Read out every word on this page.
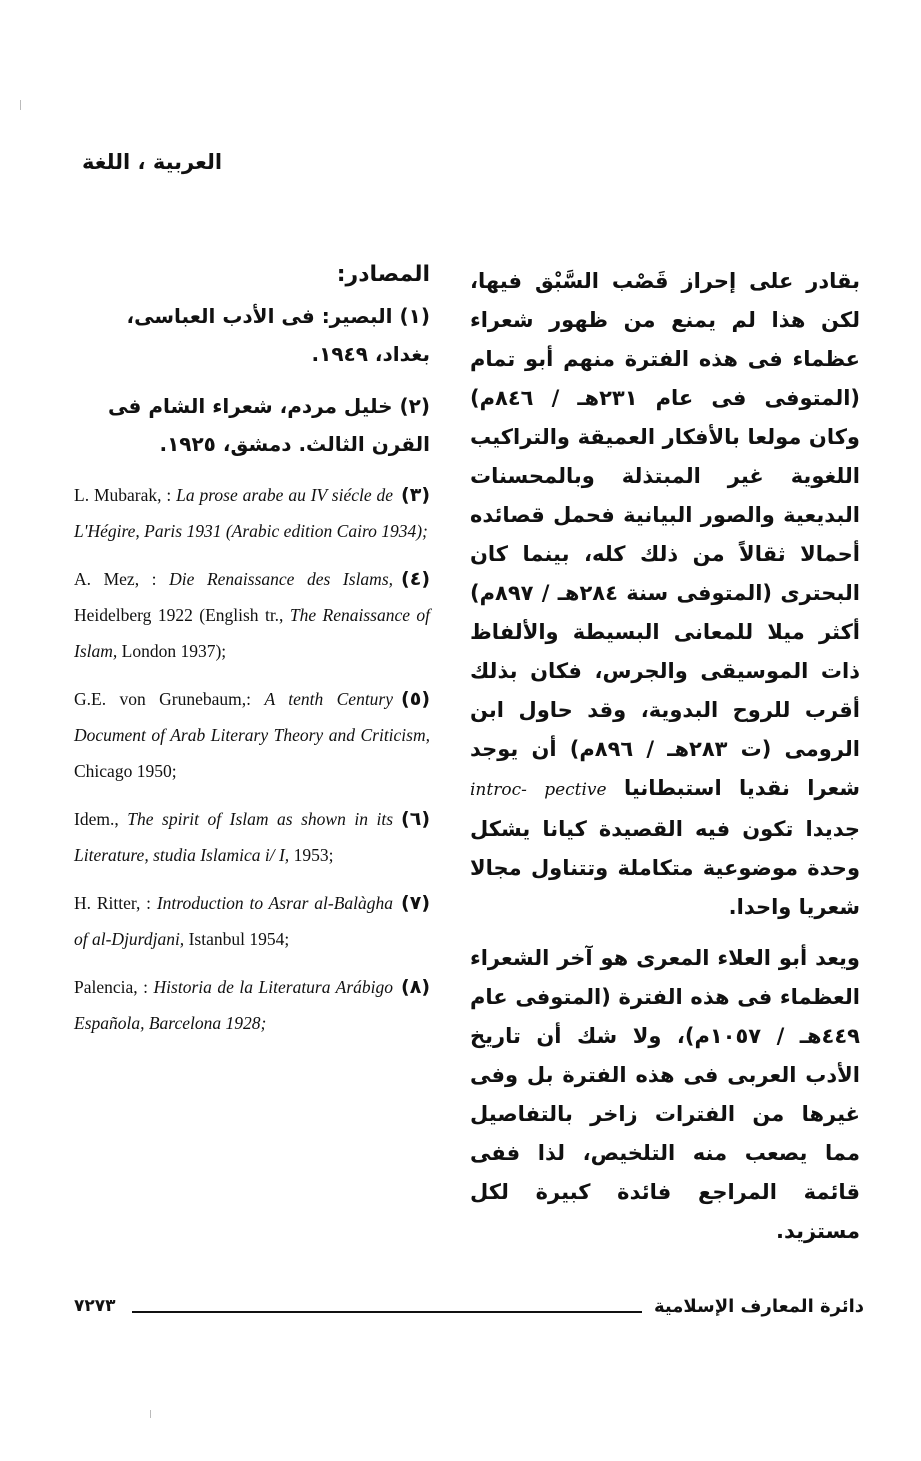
العربية ، اللغة

بقادر على إحراز قَصْب السَّبْق فيها، لكن هذا لم يمنع من ظهور شعراء عظماء فى هذه الفترة منهم أبو تمام (المتوفى فى عام ٢٣١هـ / ٨٤٦م) وكان مولعا بالأفكار العميقة والتراكيب اللغوية غير المبتذلة وبالمحسنات البديعية والصور البيانية فحمل قصائده أحمالا ثقالاً من ذلك كله، بينما كان البحترى (المتوفى سنة ٢٨٤هـ / ٨٩٧م) أكثر ميلا للمعانى البسيطة والألفاظ ذات الموسيقى والجرس، فكان بذلك أقرب للروح البدوية، وقد حاول ابن الرومى (ت ٢٨٣هـ / ٨٩٦م) أن يوجد شعرا نقديا استبطانيا introc- pective جديدا تكون فيه القصيدة كيانا يشكل وحدة موضوعية متكاملة وتتناول مجالا شعريا واحدا.

ويعد أبو العلاء المعرى هو آخر الشعراء العظماء فى هذه الفترة (المتوفى عام ٤٤٩هـ / ١٠٥٧م)، ولا شك أن تاريخ الأدب العربى فى هذه الفترة بل وفى غيرها من الفترات زاخر بالتفاصيل مما يصعب منه التلخيص، لذا ففى قائمة المراجع فائدة كبيرة لكل مستزيد.

المصادر:
(١) البصير: فى الأدب العباسى، بغداد، ١٩٤٩.
(٢) خليل مردم، شعراء الشام فى القرن الثالث. دمشق، ١٩٢٥.
(٣)
L. Mubarak, : La prose arabe au IV siécle de L'Hégire, Paris 1931 (Arabic edition Cairo 1934);
(٤)
A. Mez, : Die Renaissance des Islams, Heidelberg 1922 (English tr., The Renaissance of Islam, London 1937);
(٥)
G.E. von Grunebaum,: A tenth Century Document of Arab Literary Theory and Criticism, Chicago 1950;
(٦)
Idem., The spirit of Islam as shown in its Literature, studia Islamica i/ I, 1953;
(٧)
H. Ritter, : Introduction to Asrar al-Balàgha of al-Djurdjani, Istanbul 1954;
(٨)
Palencia, : Historia de la Literatura Arábigo Española, Barcelona 1928;
٧٢٧٣	دائرة المعارف الإسلامية
